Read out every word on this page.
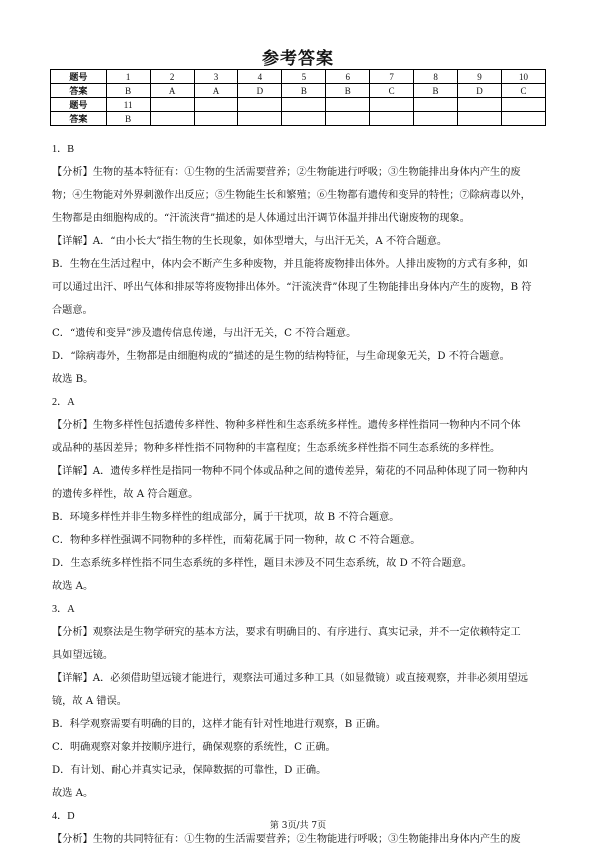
参考答案
题号	1	2	3	4	5	6	7	8	9	10
答案	B	A	A	D	B	B	C	B	D	C
题号	11									
答案	B									

1．B

【分析】生物的基本特征有：①生物的生活需要营养；②生物能进行呼吸；③生物能排出身体内产生的废

物；④生物能对外界刺激作出反应；⑤生物能生长和繁殖；⑥生物都有遗传和变异的特性；⑦除病毒以外，

生物都是由细胞构成的。“汗流浃背”描述的是人体通过出汗调节体温并排出代谢废物的现象。

【详解】A．“由小长大”指生物的生长现象，如体型增大，与出汗无关，A 不符合题意。

B．生物在生活过程中，体内会不断产生多种废物，并且能将废物排出体外。人排出废物的方式有多种，如

可以通过出汗、呼出气体和排尿等将废物排出体外。“汗流浃背”体现了生物能排出身体内产生的废物，B 符

合题意。

C．“遗传和变异”涉及遗传信息传递，与出汗无关，C 不符合题意。

D．“除病毒外，生物都是由细胞构成的”描述的是生物的结构特征，与生命现象无关，D 不符合题意。

故选 B。

2．A

【分析】生物多样性包括遗传多样性、物种多样性和生态系统多样性。遗传多样性指同一物种内不同个体

或品种的基因差异；物种多样性指不同物种的丰富程度；生态系统多样性指不同生态系统的多样性。

【详解】A．遗传多样性是指同一物种不同个体或品种之间的遗传差异，菊花的不同品种体现了同一物种内

的遗传多样性，故 A 符合题意。

B．环境多样性并非生物多样性的组成部分，属于干扰项，故 B 不符合题意。

C．物种多样性强调不同物种的多样性，而菊花属于同一物种，故 C 不符合题意。

D．生态系统多样性指不同生态系统的多样性，题目未涉及不同生态系统，故 D 不符合题意。

故选 A。

3．A

【分析】观察法是生物学研究的基本方法，要求有明确目的、有序进行、真实记录，并不一定依赖特定工

具如望远镜。

【详解】A．必须借助望远镜才能进行，观察法可通过多种工具（如显微镜）或直接观察，并非必须用望远

镜，故 A 错误。

B．科学观察需要有明确的目的，这样才能有针对性地进行观察，B 正确。

C．明确观察对象并按顺序进行，确保观察的系统性，C 正确。

D．有计划、耐心并真实记录，保障数据的可靠性，D 正确。

故选 A。

4．D

【分析】生物的共同特征有：①生物的生活需要营养；②生物能进行呼吸；③生物能排出身体内产生的废

第 3页/共 7页
